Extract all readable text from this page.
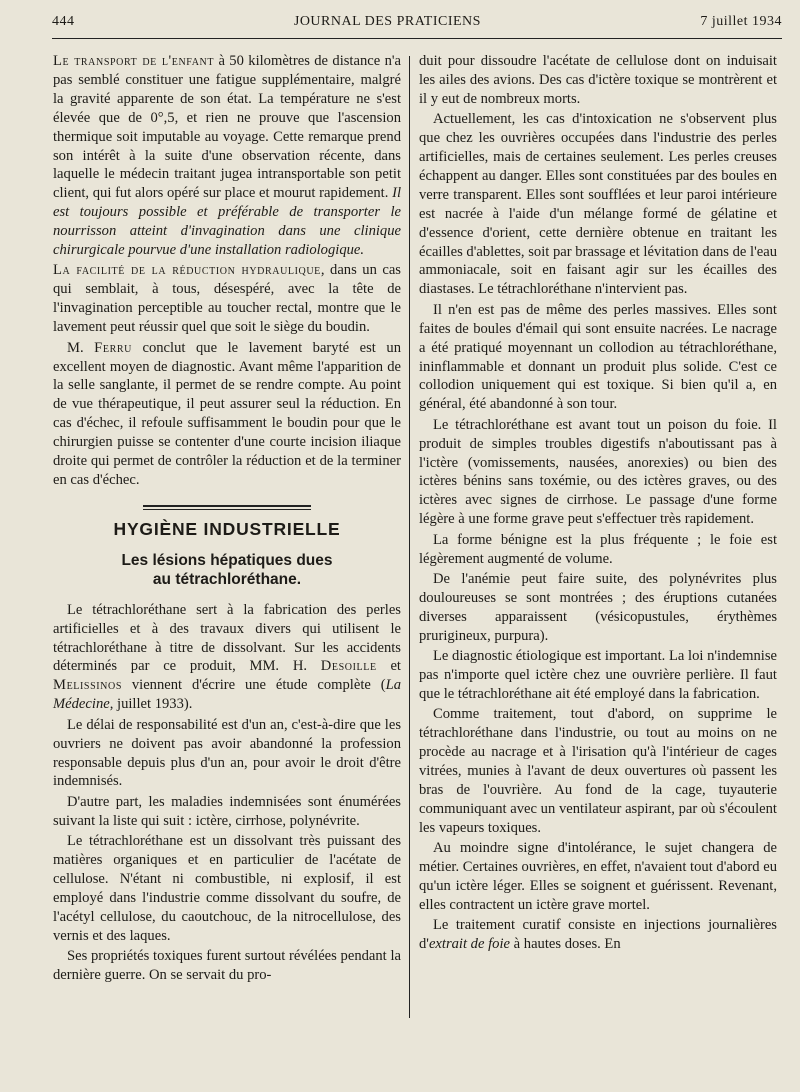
444	JOURNAL DES PRATICIENS	7 juillet 1934

Le transport de l'enfant à 50 kilomètres de distance n'a pas semblé constituer une fatigue supplémentaire, malgré la gravité apparente de son état. La température ne s'est élevée que de 0°,5, et rien ne prouve que l'ascension thermique soit imputable au voyage. Cette remarque prend son intérêt à la suite d'une observation récente, dans laquelle le médecin traitant jugea intransportable son petit client, qui fut alors opéré sur place et mourut rapidement. Il est toujours possible et préférable de transporter le nourrisson atteint d'invagination dans une clinique chirurgicale pourvue d'une installation radiologique.

La facilité de la réduction hydraulique, dans un cas qui semblait, à tous, désespéré, avec la tête de l'invagination perceptible au toucher rectal, montre que le lavement peut réussir quel que soit le siège du boudin.

M. Ferru conclut que le lavement baryté est un excellent moyen de diagnostic. Avant même l'apparition de la selle sanglante, il permet de se rendre compte. Au point de vue thérapeutique, il peut assurer seul la réduction. En cas d'échec, il refoule suffisamment le boudin pour que le chirurgien puisse se contenter d'une courte incision iliaque droite qui permet de contrôler la réduction et de la terminer en cas d'échec.

HYGIÈNE INDUSTRIELLE
Les lésions hépatiques dues
au tétrachloréthane.

Le tétrachloréthane sert à la fabrication des perles artificielles et à des travaux divers qui utilisent le tétrachloréthane à titre de dissolvant. Sur les accidents déterminés par ce produit, MM. H. Desoille et Melissinos viennent d'écrire une étude complète (La Médecine, juillet 1933).

Le délai de responsabilité est d'un an, c'est-à-dire que les ouvriers ne doivent pas avoir abandonné la profession responsable depuis plus d'un an, pour avoir le droit d'être indemnisés.

D'autre part, les maladies indemnisées sont énumérées suivant la liste qui suit : ictère, cirrhose, polynévrite.

Le tétrachloréthane est un dissolvant très puissant des matières organiques et en particulier de l'acétate de cellulose. N'étant ni combustible, ni explosif, il est employé dans l'industrie comme dissolvant du soufre, de l'acétyl cellulose, du caoutchouc, de la nitrocellulose, des vernis et des laques.

Ses propriétés toxiques furent surtout révélées pendant la dernière guerre. On se servait du pro-

duit pour dissoudre l'acétate de cellulose dont on induisait les ailes des avions. Des cas d'ictère toxique se montrèrent et il y eut de nombreux morts.

Actuellement, les cas d'intoxication ne s'observent plus que chez les ouvrières occupées dans l'industrie des perles artificielles, mais de certaines seulement. Les perles creuses échappent au danger. Elles sont constituées par des boules en verre transparent. Elles sont soufflées et leur paroi intérieure est nacrée à l'aide d'un mélange formé de gélatine et d'essence d'orient, cette dernière obtenue en traitant les écailles d'ablettes, soit par brassage et lévitation dans de l'eau ammoniacale, soit en faisant agir sur les écailles des diastases. Le tétrachloréthane n'intervient pas.

Il n'en est pas de même des perles massives. Elles sont faites de boules d'émail qui sont ensuite nacrées. Le nacrage a été pratiqué moyennant un collodion au tétrachloréthane, ininflammable et donnant un produit plus solide. C'est ce collodion uniquement qui est toxique. Si bien qu'il a, en général, été abandonné à son tour.

Le tétrachloréthane est avant tout un poison du foie. Il produit de simples troubles digestifs n'aboutissant pas à l'ictère (vomissements, nausées, anorexies) ou bien des ictères bénins sans toxémie, ou des ictères graves, ou des ictères avec signes de cirrhose. Le passage d'une forme légère à une forme grave peut s'effectuer très rapidement.

La forme bénigne est la plus fréquente ; le foie est légèrement augmenté de volume.

De l'anémie peut faire suite, des polynévrites plus douloureuses se sont montrées ; des éruptions cutanées diverses apparaissent (vésicopustules, érythèmes prurigineux, purpura).

Le diagnostic étiologique est important. La loi n'indemnise pas n'importe quel ictère chez une ouvrière perlière. Il faut que le tétrachloréthane ait été employé dans la fabrication.

Comme traitement, tout d'abord, on supprime le tétrachloréthane dans l'industrie, ou tout au moins on ne procède au nacrage et à l'irisation qu'à l'intérieur de cages vitrées, munies à l'avant de deux ouvertures où passent les bras de l'ouvrière. Au fond de la cage, tuyauterie communiquant avec un ventilateur aspirant, par où s'écoulent les vapeurs toxiques.

Au moindre signe d'intolérance, le sujet changera de métier. Certaines ouvrières, en effet, n'avaient tout d'abord eu qu'un ictère léger. Elles se soignent et guérissent. Revenant, elles contractent un ictère grave mortel.

Le traitement curatif consiste en injections journalières d'extrait de foie à hautes doses. En
